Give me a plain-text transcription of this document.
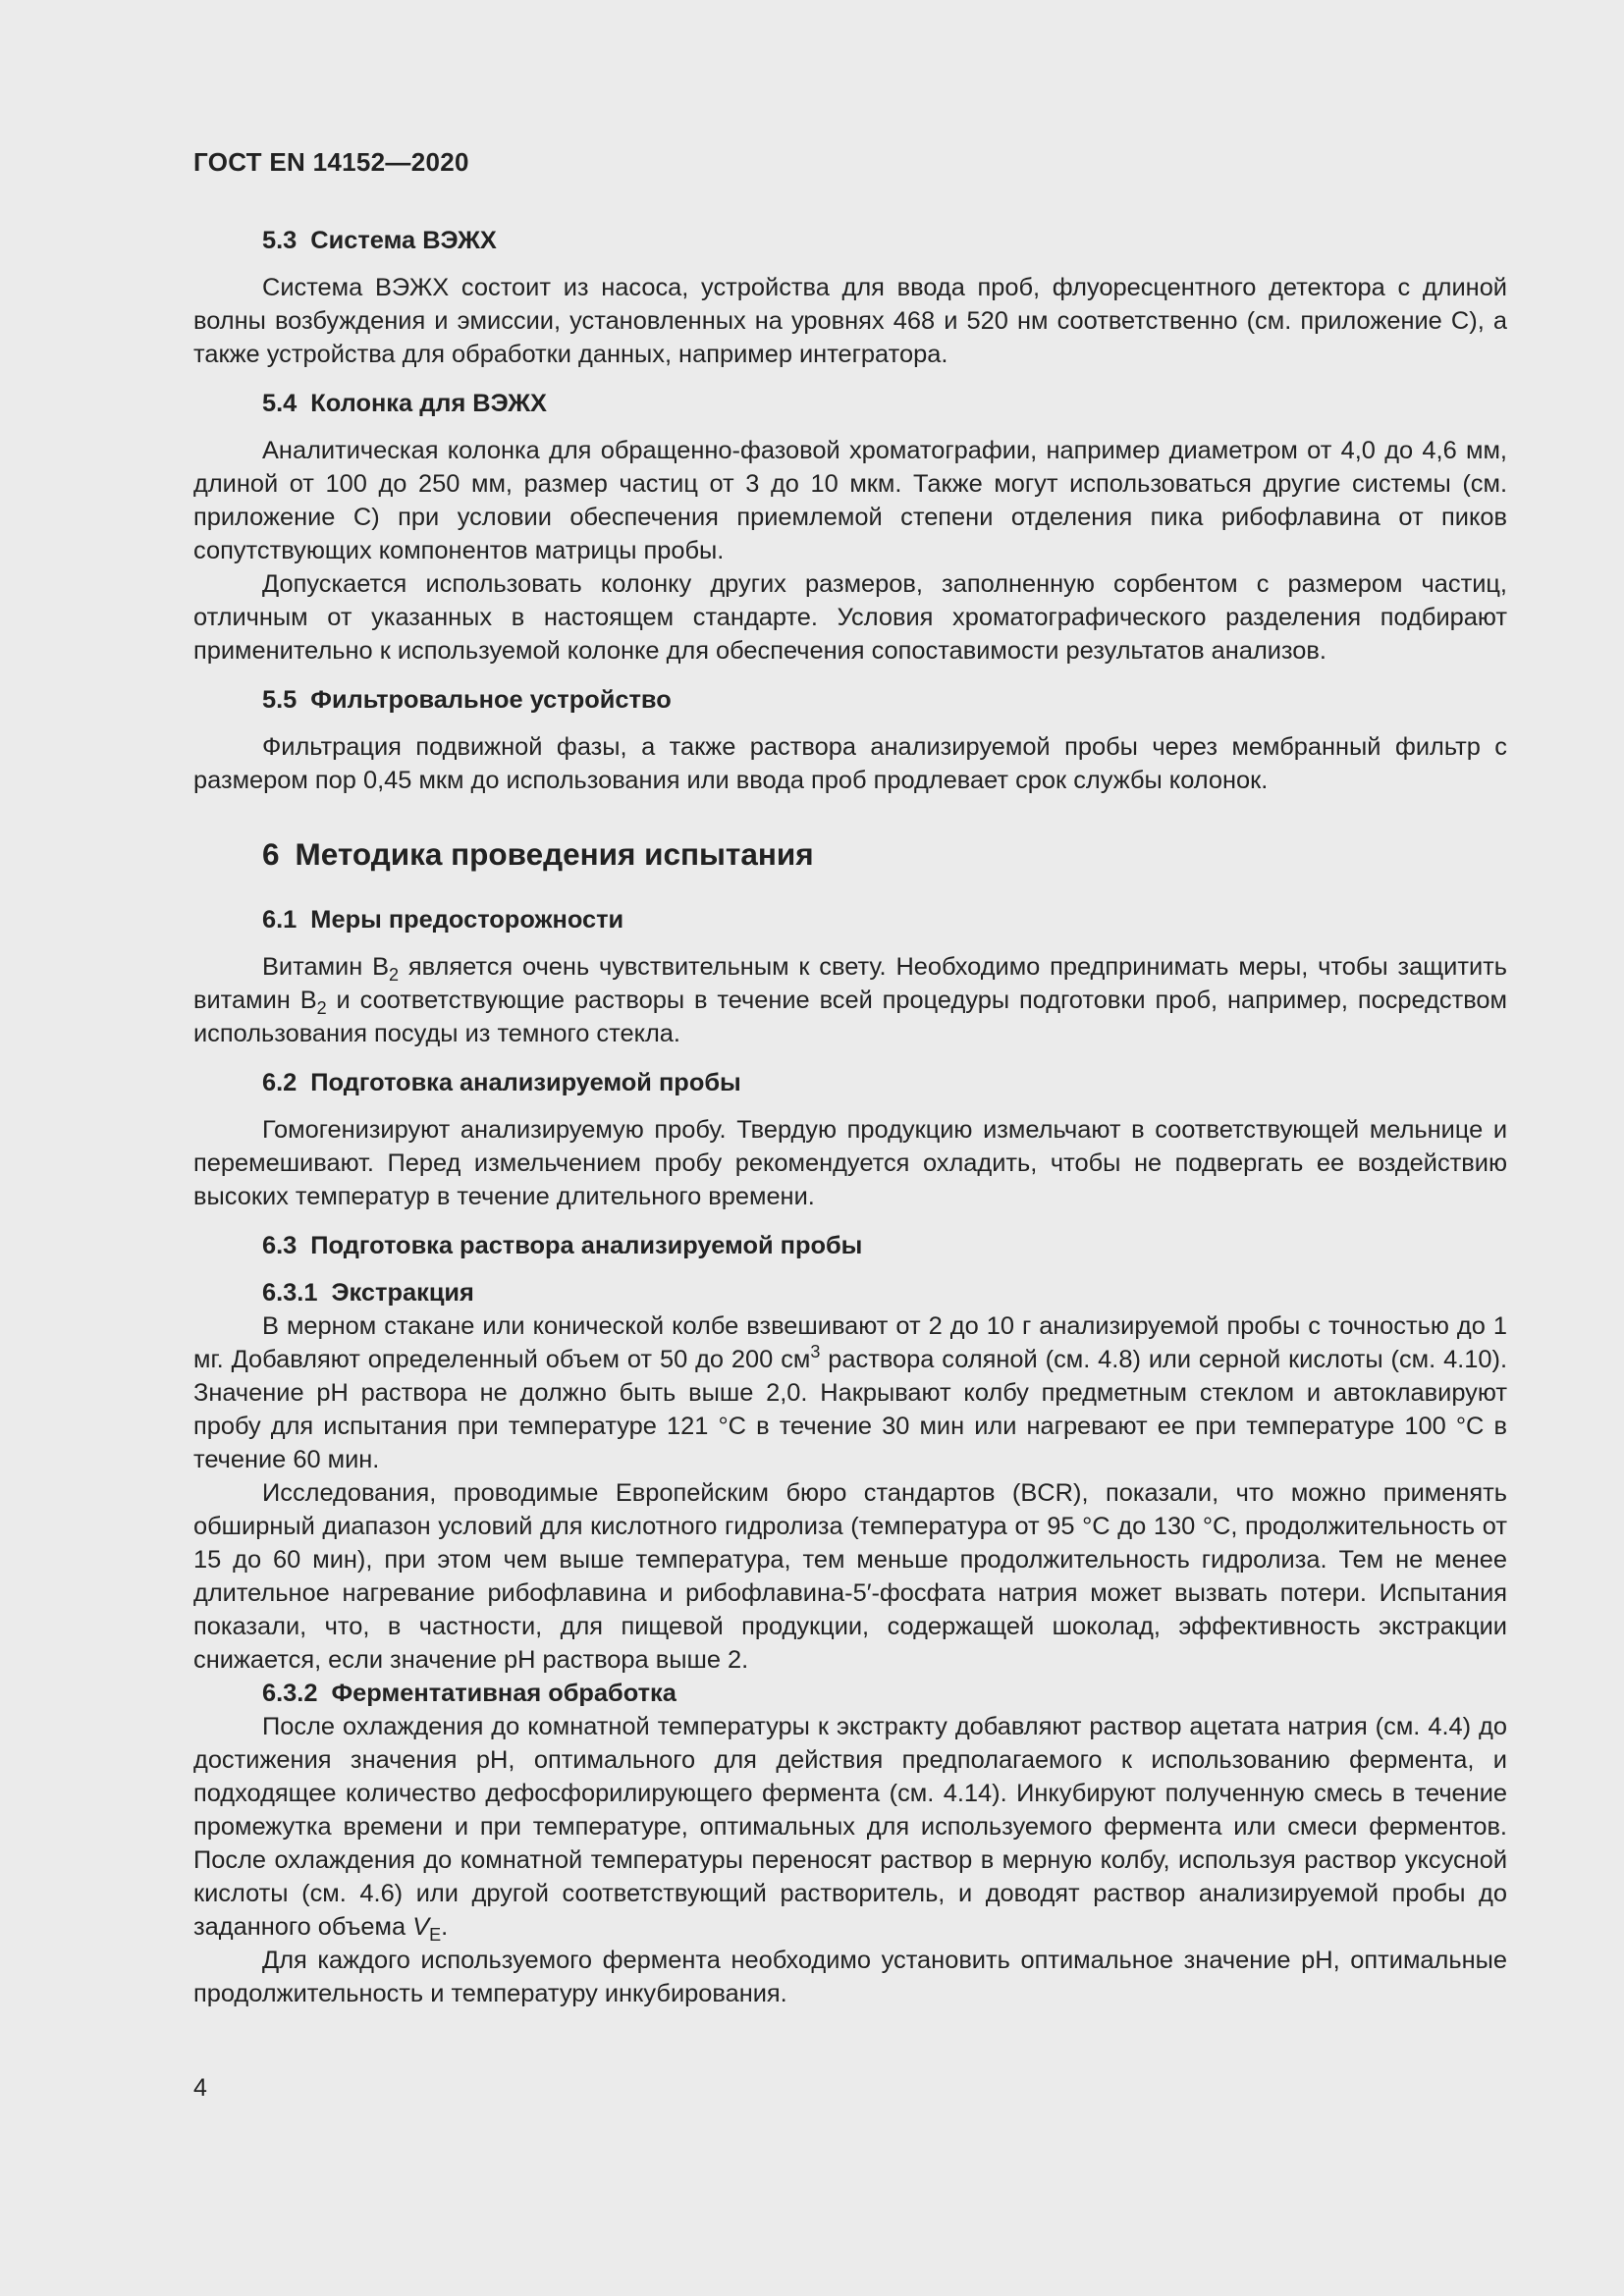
ГОСТ EN 14152—2020
5.3 Система ВЭЖХ

Система ВЭЖХ состоит из насоса, устройства для ввода проб, флуоресцентного детектора с длиной волны возбуждения и эмиссии, установленных на уровнях 468 и 520 нм соответственно (см. приложение С), а также устройства для обработки данных, например интегратора.

5.4 Колонка для ВЭЖХ

Аналитическая колонка для обращенно-фазовой хроматографии, например диаметром от 4,0 до 4,6 мм, длиной от 100 до 250 мм, размер частиц от 3 до 10 мкм. Также могут использоваться другие системы (см. приложение С) при условии обеспечения приемлемой степени отделения пика рибофлавина от пиков сопутствующих компонентов матрицы пробы.

Допускается использовать колонку других размеров, заполненную сорбентом с размером частиц, отличным от указанных в настоящем стандарте. Условия хроматографического разделения подбирают применительно к используемой колонке для обеспечения сопоставимости результатов анализов.

5.5 Фильтровальное устройство

Фильтрация подвижной фазы, а также раствора анализируемой пробы через мембранный фильтр с размером пор 0,45 мкм до использования или ввода проб продлевает срок службы колонок.

6 Методика проведения испытания
6.1 Меры предосторожности

Витамин $В_2$ является очень чувствительным к свету. Необходимо предпринимать меры, чтобы защитить витамин $В_2$ и соответствующие растворы в течение всей процедуры подготовки проб, например, посредством использования посуды из темного стекла.

6.2 Подготовка анализируемой пробы

Гомогенизируют анализируемую пробу. Твердую продукцию измельчают в соответствующей мельнице и перемешивают. Перед измельчением пробу рекомендуется охладить, чтобы не подвергать ее воздействию высоких температур в течение длительного времени.

6.3 Подготовка раствора анализируемой пробы
6.3.1 Экстракция

В мерном стакане или конической колбе взвешивают от 2 до 10 г анализируемой пробы с точностью до 1 мг. Добавляют определенный объем от 50 до 200 $см^3$ раствора соляной (см. 4.8) или серной кислоты (см. 4.10). Значение pH раствора не должно быть выше 2,0. Накрывают колбу предметным стеклом и автоклавируют пробу для испытания при температуре 121 °С в течение 30 мин или нагревают ее при температуре 100 °С в течение 60 мин.

Исследования, проводимые Европейским бюро стандартов (BCR), показали, что можно применять обширный диапазон условий для кислотного гидролиза (температура от 95 °С до 130 °С, продолжительность от 15 до 60 мин), при этом чем выше температура, тем меньше продолжительность гидролиза. Тем не менее длительное нагревание рибофлавина и рибофлавина-5′-фосфата натрия может вызвать потери. Испытания показали, что, в частности, для пищевой продукции, содержащей шоколад, эффективность экстракции снижается, если значение pH раствора выше 2.

6.3.2 Ферментативная обработка

После охлаждения до комнатной температуры к экстракту добавляют раствор ацетата натрия (см. 4.4) до достижения значения pH, оптимального для действия предполагаемого к использованию фермента, и подходящее количество дефосфорилирующего фермента (см. 4.14). Инкубируют полученную смесь в течение промежутка времени и при температуре, оптимальных для используемого фермента или смеси ферментов. После охлаждения до комнатной температуры переносят раствор в мерную колбу, используя раствор уксусной кислоты (см. 4.6) или другой соответствующий растворитель, и доводят раствор анализируемой пробы до заданного объема $V_E$.

Для каждого используемого фермента необходимо установить оптимальное значение pH, оптимальные продолжительность и температуру инкубирования.

4
